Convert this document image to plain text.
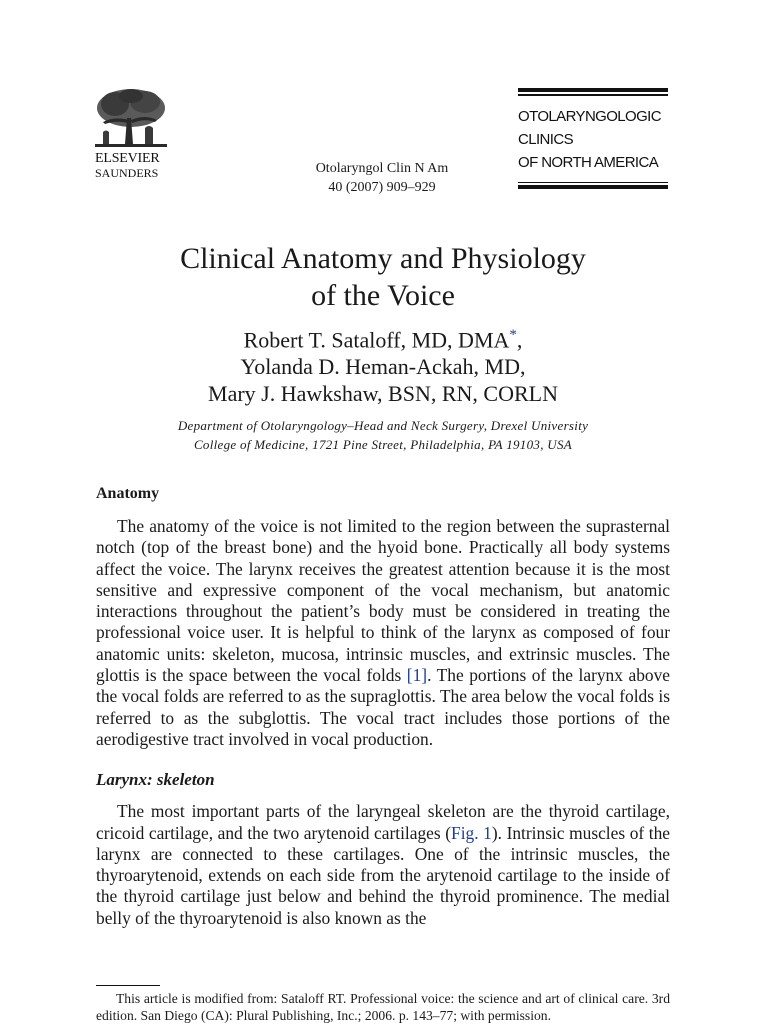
ELSEVIER
SAUNDERS	Otolaryngol Clin N Am
40 (2007) 909–929
OTOLARYNGOLOGIC
CLINICS
OF NORTH AMERICA
Clinical Anatomy and Physiology
of the Voice
Robert T. Sataloff, MD, DMA*,
Yolanda D. Heman-Ackah, MD,
Mary J. Hawkshaw, BSN, RN, CORLN
Department of Otolaryngology–Head and Neck Surgery, Drexel University
College of Medicine, 1721 Pine Street, Philadelphia, PA 19103, USA
Anatomy

The anatomy of the voice is not limited to the region between the suprasternal notch (top of the breast bone) and the hyoid bone. Practically all body systems affect the voice. The larynx receives the greatest attention because it is the most sensitive and expressive component of the vocal mechanism, but anatomic interactions throughout the patient’s body must be considered in treating the professional voice user. It is helpful to think of the larynx as composed of four anatomic units: skeleton, mucosa, intrinsic muscles, and extrinsic muscles. The glottis is the space between the vocal folds [1]. The portions of the larynx above the vocal folds are referred to as the supraglottis. The area below the vocal folds is referred to as the subglottis. The vocal tract includes those portions of the aerodigestive tract involved in vocal production.

Larynx: skeleton

The most important parts of the laryngeal skeleton are the thyroid cartilage, cricoid cartilage, and the two arytenoid cartilages (Fig. 1). Intrinsic muscles of the larynx are connected to these cartilages. One of the intrinsic muscles, the thyroarytenoid, extends on each side from the arytenoid cartilage to the inside of the thyroid cartilage just below and behind the thyroid prominence. The medial belly of the thyroarytenoid is also known as the

This article is modified from: Sataloff RT. Professional voice: the science and art of clinical care. 3rd edition. San Diego (CA): Plural Publishing, Inc.; 2006. p. 143–77; with permission.
